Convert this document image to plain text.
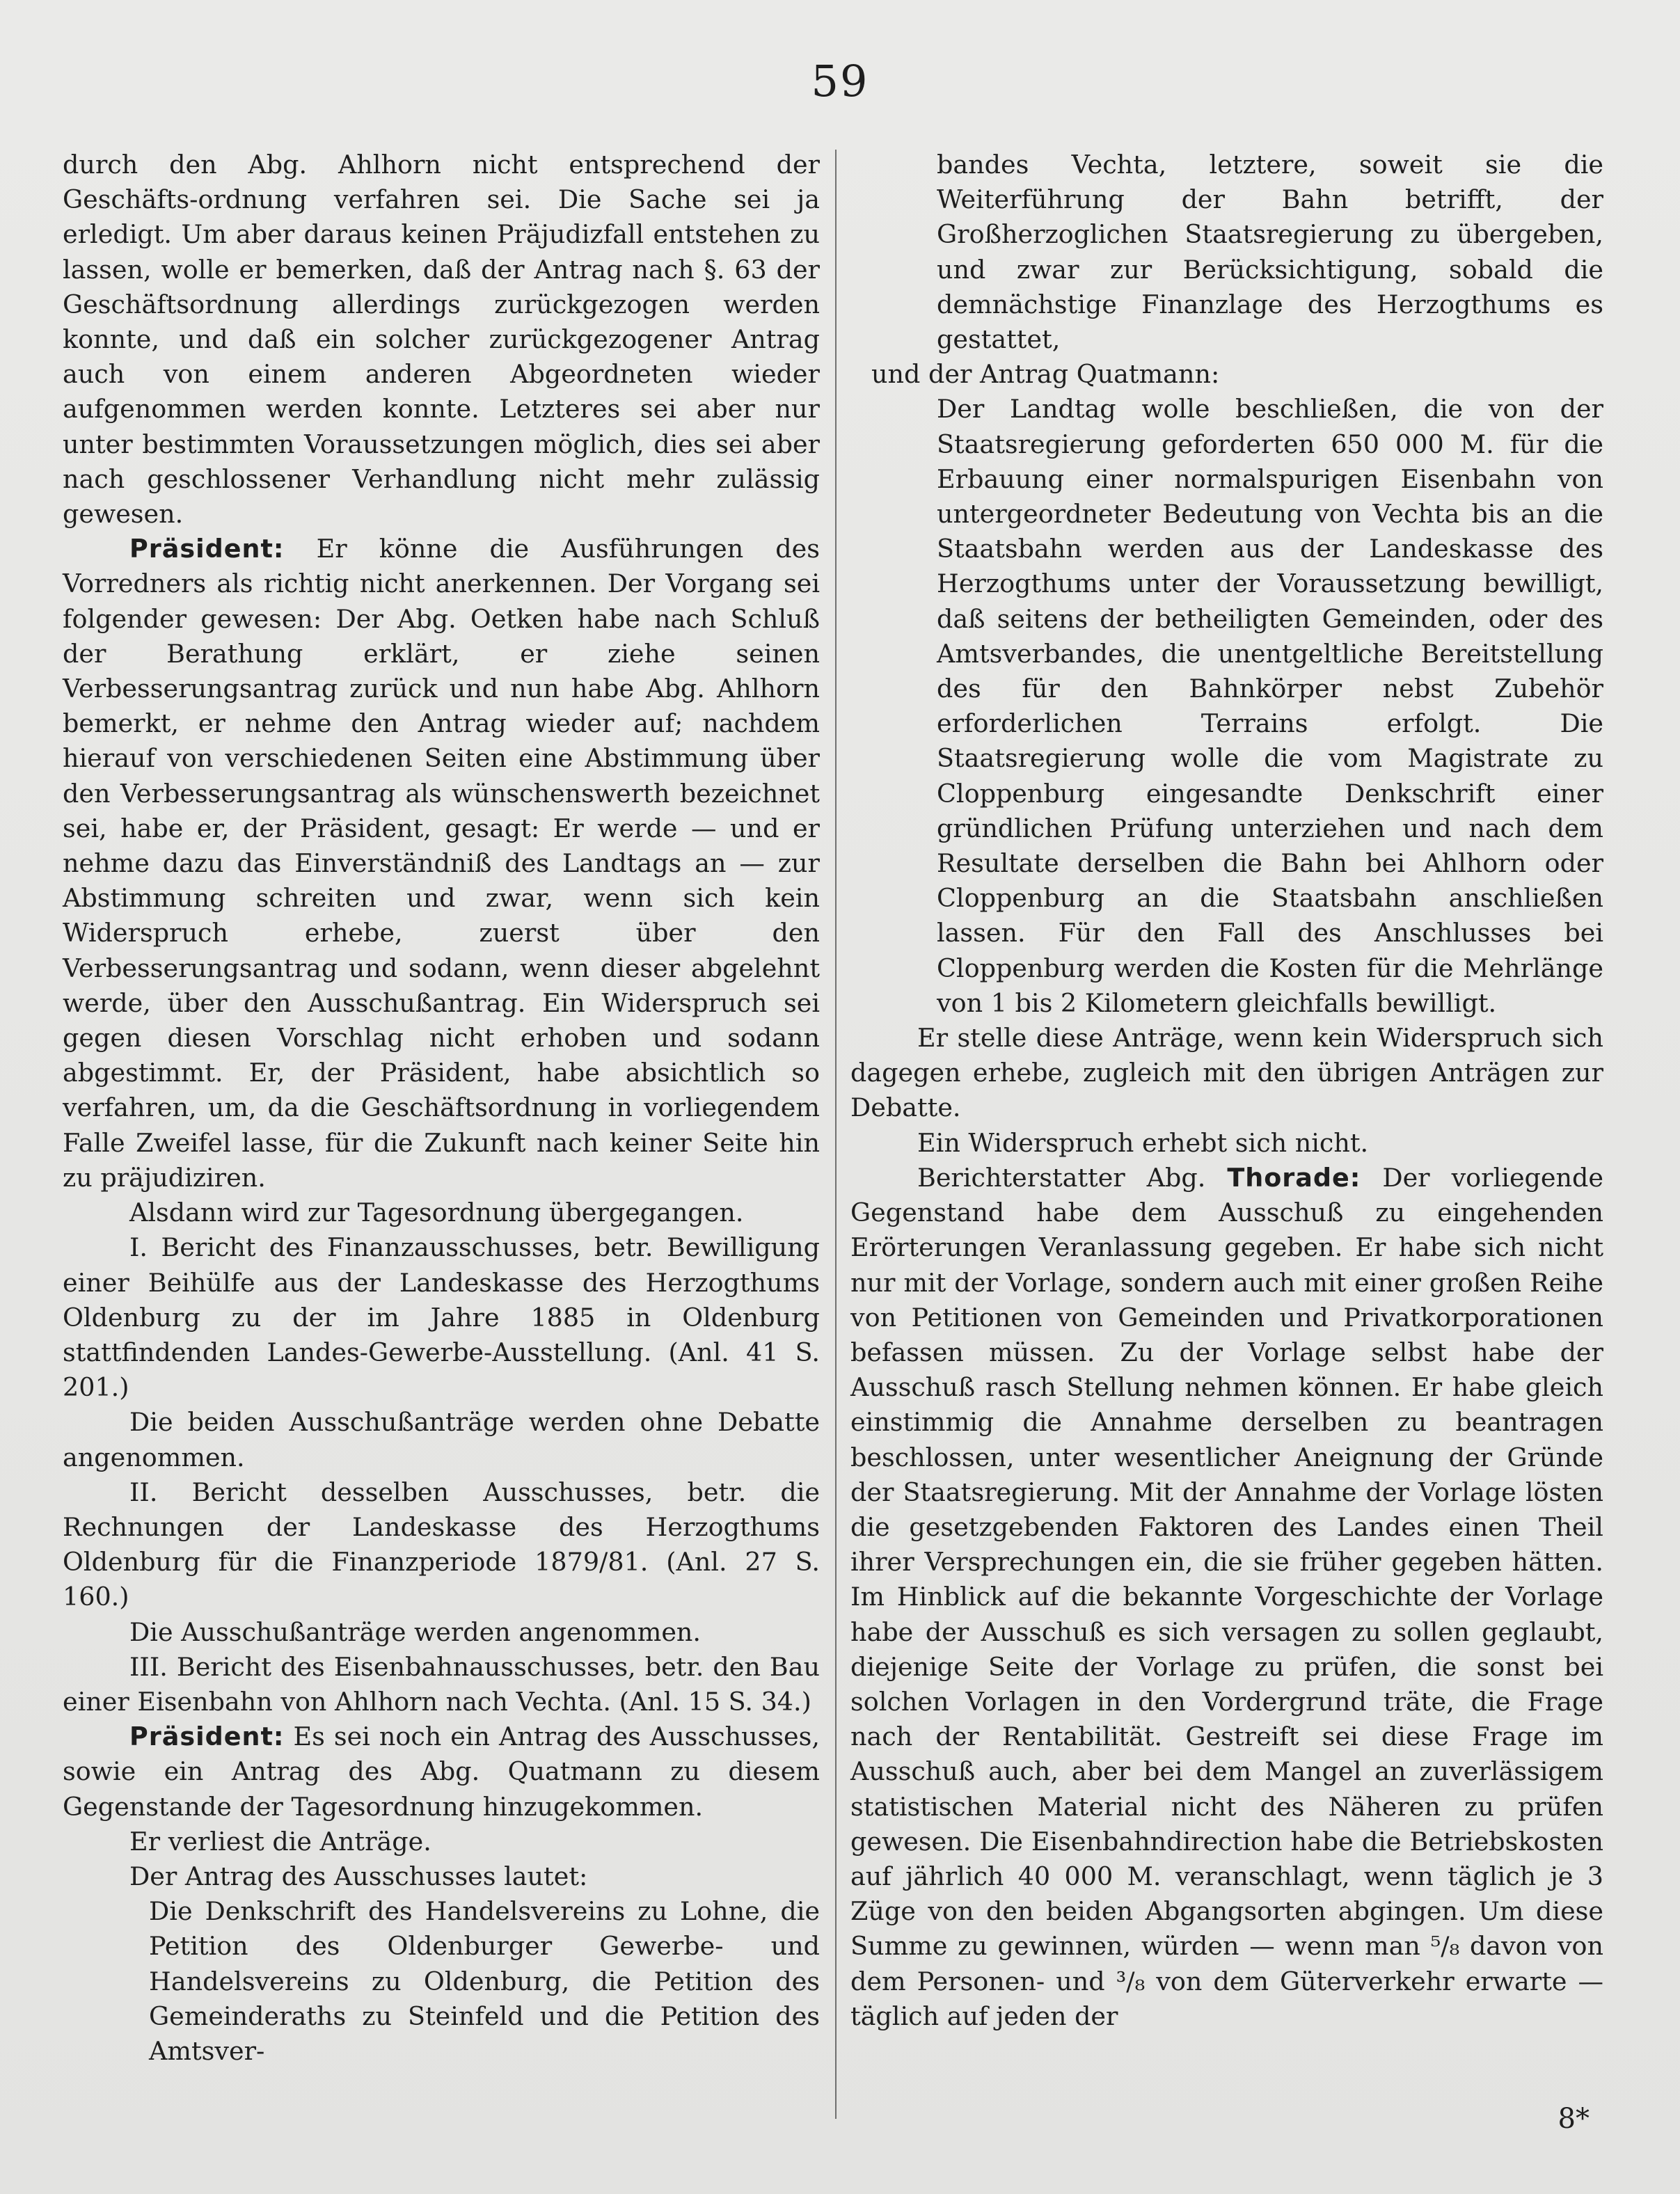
59

durch den Abg. Ahlhorn nicht entsprechend der Geschäfts-ordnung verfahren sei. Die Sache sei ja erledigt. Um aber daraus keinen Präjudizfall entstehen zu lassen, wolle er bemerken, daß der Antrag nach §. 63 der Geschäftsordnung allerdings zurückgezogen werden konnte, und daß ein solcher zurückgezogener Antrag auch von einem anderen Abgeordneten wieder aufgenommen werden konnte. Letzteres sei aber nur unter bestimmten Voraussetzungen möglich, dies sei aber nach geschlossener Verhandlung nicht mehr zulässig gewesen.

Präsident: Er könne die Ausführungen des Vorredners als richtig nicht anerkennen. Der Vorgang sei folgender gewesen: Der Abg. Oetken habe nach Schluß der Berathung erklärt, er ziehe seinen Verbesserungsantrag zurück und nun habe Abg. Ahlhorn bemerkt, er nehme den Antrag wieder auf; nachdem hierauf von verschiedenen Seiten eine Abstimmung über den Verbesserungsantrag als wünschenswerth bezeichnet sei, habe er, der Präsident, gesagt: Er werde — und er nehme dazu das Einverständniß des Landtags an — zur Abstimmung schreiten und zwar, wenn sich kein Widerspruch erhebe, zuerst über den Verbesserungsantrag und sodann, wenn dieser abgelehnt werde, über den Ausschußantrag. Ein Widerspruch sei gegen diesen Vorschlag nicht erhoben und sodann abgestimmt. Er, der Präsident, habe absichtlich so verfahren, um, da die Geschäftsordnung in vorliegendem Falle Zweifel lasse, für die Zukunft nach keiner Seite hin zu präjudiziren.

Alsdann wird zur Tagesordnung übergegangen.

I. Bericht des Finanzausschusses, betr. Bewilligung einer Beihülfe aus der Landeskasse des Herzogthums Oldenburg zu der im Jahre 1885 in Oldenburg stattfindenden Landes-Gewerbe-Ausstellung. (Anl. 41 S. 201.)

Die beiden Ausschußanträge werden ohne Debatte angenommen.

II. Bericht desselben Ausschusses, betr. die Rechnungen der Landeskasse des Herzogthums Oldenburg für die Finanzperiode 1879/81. (Anl. 27 S. 160.)

Die Ausschußanträge werden angenommen.

III. Bericht des Eisenbahnausschusses, betr. den Bau einer Eisenbahn von Ahlhorn nach Vechta. (Anl. 15 S. 34.)

Präsident: Es sei noch ein Antrag des Ausschusses, sowie ein Antrag des Abg. Quatmann zu diesem Gegenstande der Tagesordnung hinzugekommen.

Er verliest die Anträge.

Der Antrag des Ausschusses lautet:

Die Denkschrift des Handelsvereins zu Lohne, die Petition des Oldenburger Gewerbe- und Handelsvereins zu Oldenburg, die Petition des Gemeinderaths zu Steinfeld und die Petition des Amtsver-

bandes Vechta, letztere, soweit sie die Weiterführung der Bahn betrifft, der Großherzoglichen Staatsregierung zu übergeben, und zwar zur Berücksichtigung, sobald die demnächstige Finanzlage des Herzogthums es gestattet,

und der Antrag Quatmann:

Der Landtag wolle beschließen, die von der Staatsregierung geforderten 650 000 M. für die Erbauung einer normalspurigen Eisenbahn von untergeordneter Bedeutung von Vechta bis an die Staatsbahn werden aus der Landeskasse des Herzogthums unter der Voraussetzung bewilligt, daß seitens der betheiligten Gemeinden, oder des Amtsverbandes, die unentgeltliche Bereitstellung des für den Bahnkörper nebst Zubehör erforderlichen Terrains erfolgt. Die Staatsregierung wolle die vom Magistrate zu Cloppenburg eingesandte Denkschrift einer gründlichen Prüfung unterziehen und nach dem Resultate derselben die Bahn bei Ahlhorn oder Cloppenburg an die Staatsbahn anschließen lassen. Für den Fall des Anschlusses bei Cloppenburg werden die Kosten für die Mehrlänge von 1 bis 2 Kilometern gleichfalls bewilligt.

Er stelle diese Anträge, wenn kein Widerspruch sich dagegen erhebe, zugleich mit den übrigen Anträgen zur Debatte.

Ein Widerspruch erhebt sich nicht.

Berichterstatter Abg. Thorade: Der vorliegende Gegenstand habe dem Ausschuß zu eingehenden Erörterungen Veranlassung gegeben. Er habe sich nicht nur mit der Vorlage, sondern auch mit einer großen Reihe von Petitionen von Gemeinden und Privatkorporationen befassen müssen. Zu der Vorlage selbst habe der Ausschuß rasch Stellung nehmen können. Er habe gleich einstimmig die Annahme derselben zu beantragen beschlossen, unter wesentlicher Aneignung der Gründe der Staatsregierung. Mit der Annahme der Vorlage lösten die gesetzgebenden Faktoren des Landes einen Theil ihrer Versprechungen ein, die sie früher gegeben hätten. Im Hinblick auf die bekannte Vorgeschichte der Vorlage habe der Ausschuß es sich versagen zu sollen geglaubt, diejenige Seite der Vorlage zu prüfen, die sonst bei solchen Vorlagen in den Vordergrund träte, die Frage nach der Rentabilität. Gestreift sei diese Frage im Ausschuß auch, aber bei dem Mangel an zuverlässigem statistischen Material nicht des Näheren zu prüfen gewesen. Die Eisenbahndirection habe die Betriebskosten auf jährlich 40 000 M. veranschlagt, wenn täglich je 3 Züge von den beiden Abgangsorten abgingen. Um diese Summe zu gewinnen, würden — wenn man ⁵/₈ davon von dem Personen- und ³/₈ von dem Güterverkehr erwarte — täglich auf jeden der

8*
